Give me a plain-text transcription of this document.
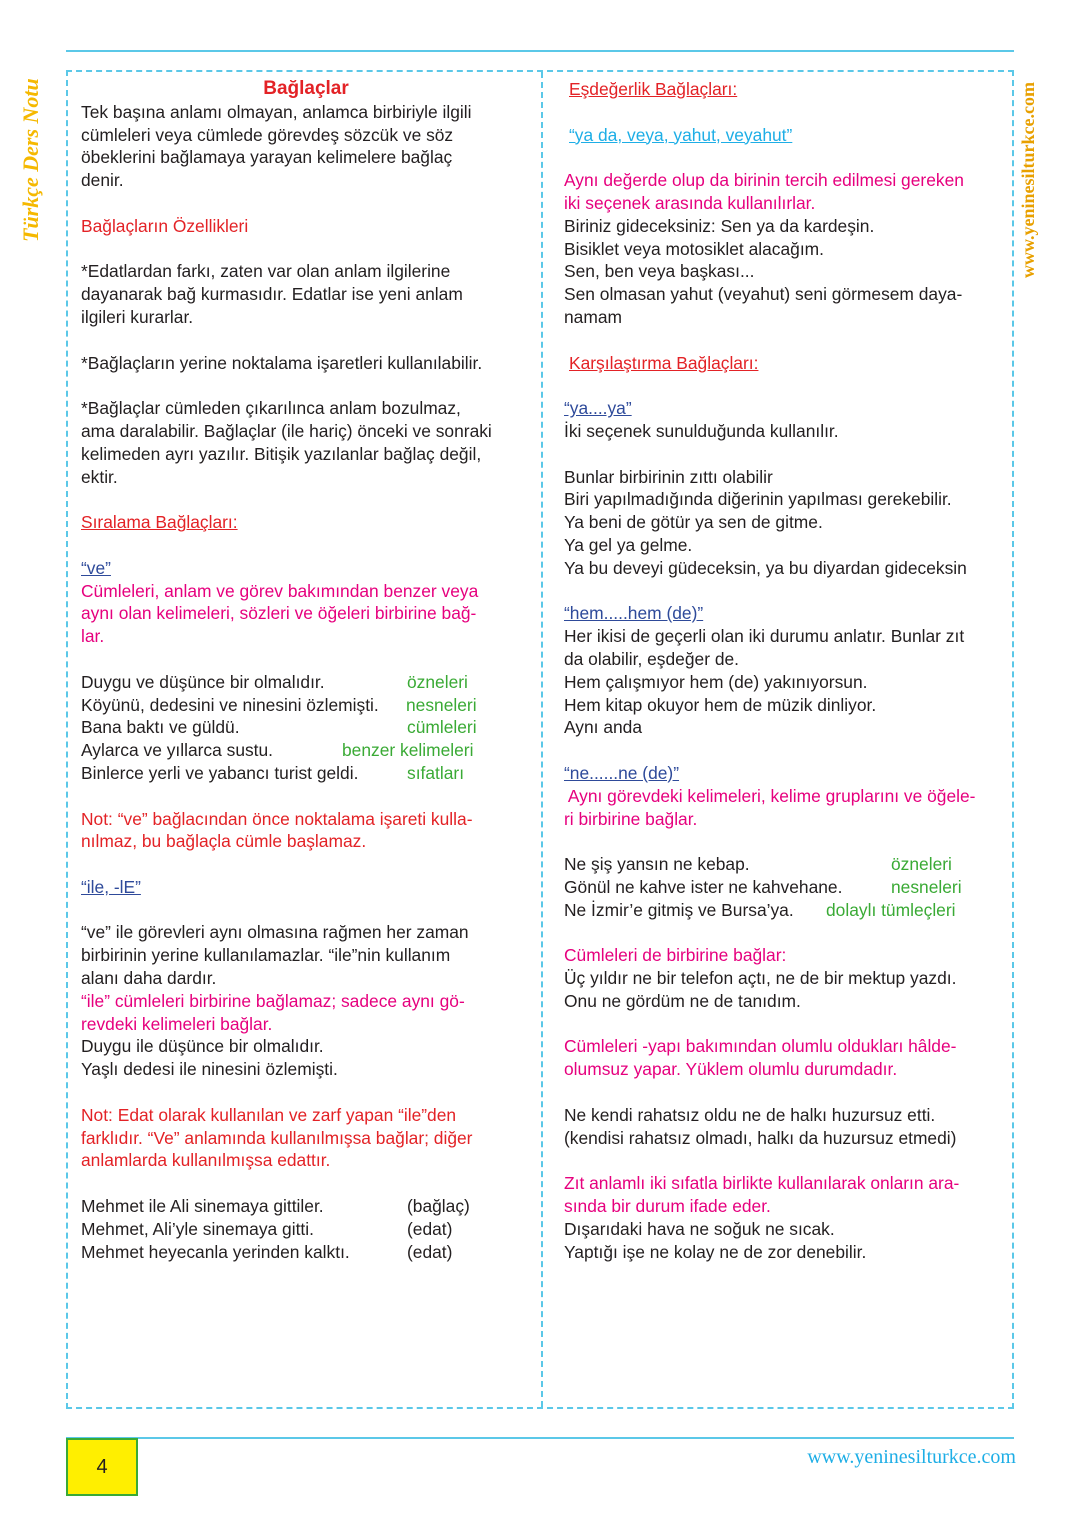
Türkçe Ders Notu	www.yeninesilturkce.com
Bağlaçlar
Tek başına anlamı olmayan, anlamca birbiriyle ilgili
cümleleri veya cümlede görevdeş sözcük ve söz
öbeklerini bağlamaya yarayan kelimelere bağlaç
denir.
Bağlaçların Özellikleri
*Edatlardan farkı, zaten var olan anlam ilgilerine
dayanarak bağ kurmasıdır. Edatlar ise yeni anlam
ilgileri kurarlar.
*Bağlaçların yerine noktalama işaretleri kullanılabilir.
*Bağlaçlar cümleden çıkarılınca anlam bozulmaz,
ama daralabilir. Bağlaçlar (ile hariç) önceki ve sonraki
kelimeden ayrı yazılır. Bitişik yazılanlar bağlaç değil,
ektir.
Sıralama Bağlaçları:
“ve”
Cümleleri, anlam ve görev bakımından benzer veya
aynı olan kelimeleri, sözleri ve öğeleri birbirine bağ-
lar.
Duygu ve düşünce bir olmalıdır.	özneleri
Köyünü, dedesini ve ninesini özlemişti.	nesneleri
Bana baktı ve güldü.	cümleleri
Aylarca ve yıllarca sustu.	benzer kelimeleri
Binlerce yerli ve yabancı turist geldi.	sıfatları
Not: “ve” bağlacından önce noktalama işareti kulla-
nılmaz, bu bağlaçla cümle başlamaz.
“ile, -lE”
“ve” ile görevleri aynı olmasına rağmen her zaman
birbirinin yerine kullanılamazlar. “ile”nin kullanım
alanı daha dardır.
“ile” cümleleri birbirine bağlamaz; sadece aynı gö-
revdeki kelimeleri bağlar.
Duygu ile düşünce bir olmalıdır.
Yaşlı dedesi ile ninesini özlemişti.
Not: Edat olarak kullanılan ve zarf yapan “ile”den
farklıdır. “Ve” anlamında kullanılmışsa bağlar; diğer
anlamlarda kullanılmışsa edattır.
Mehmet ile Ali sinemaya gittiler.	(bağlaç)
Mehmet, Ali’yle sinemaya gitti.	(edat)
Mehmet heyecanla yerinden kalktı.	(edat)
Eşdeğerlik Bağlaçları:
“ya da, veya, yahut, veyahut”
Aynı değerde olup da birinin tercih edilmesi gereken
iki seçenek arasında kullanılırlar.
Biriniz gideceksiniz: Sen ya da kardeşin.
Bisiklet veya motosiklet alacağım.
Sen, ben veya başkası...
Sen olmasan yahut (veyahut) seni görmesem daya-
namam
Karşılaştırma Bağlaçları:
“ya....ya”
İki seçenek sunulduğunda kullanılır.
Bunlar birbirinin zıttı olabilir
Biri yapılmadığında diğerinin yapılması gerekebilir.
Ya beni de götür ya sen de gitme.
Ya gel ya gelme.
Ya bu deveyi güdeceksin, ya bu diyardan gideceksin
“hem.....hem (de)”
Her ikisi de geçerli olan iki durumu anlatır. Bunlar zıt
da olabilir, eşdeğer de.
Hem çalışmıyor hem (de) yakınıyorsun.
Hem kitap okuyor hem de müzik dinliyor.
Aynı anda
“ne......ne (de)”
Aynı görevdeki kelimeleri, kelime gruplarını ve öğele-
ri birbirine bağlar.
Ne şiş yansın ne kebap.	özneleri
Gönül ne kahve ister ne kahvehane.	nesneleri
Ne İzmir’e gitmiş ve Bursa’ya.	dolaylı tümleçleri
Cümleleri de birbirine bağlar:
Üç yıldır ne bir telefon açtı, ne de bir mektup yazdı.
Onu ne gördüm ne de tanıdım.
Cümleleri -yapı bakımından olumlu oldukları hâlde-
olumsuz yapar. Yüklem olumlu durumdadır.
Ne kendi rahatsız oldu ne de halkı huzursuz etti.
(kendisi rahatsız olmadı, halkı da huzursuz etmedi)
Zıt anlamlı iki sıfatla birlikte kullanılarak onların ara-
sında bir durum ifade eder.
Dışarıdaki hava ne soğuk ne sıcak.
Yaptığı işe ne kolay ne de zor denebilir.
4	www.yeninesilturkce.com
